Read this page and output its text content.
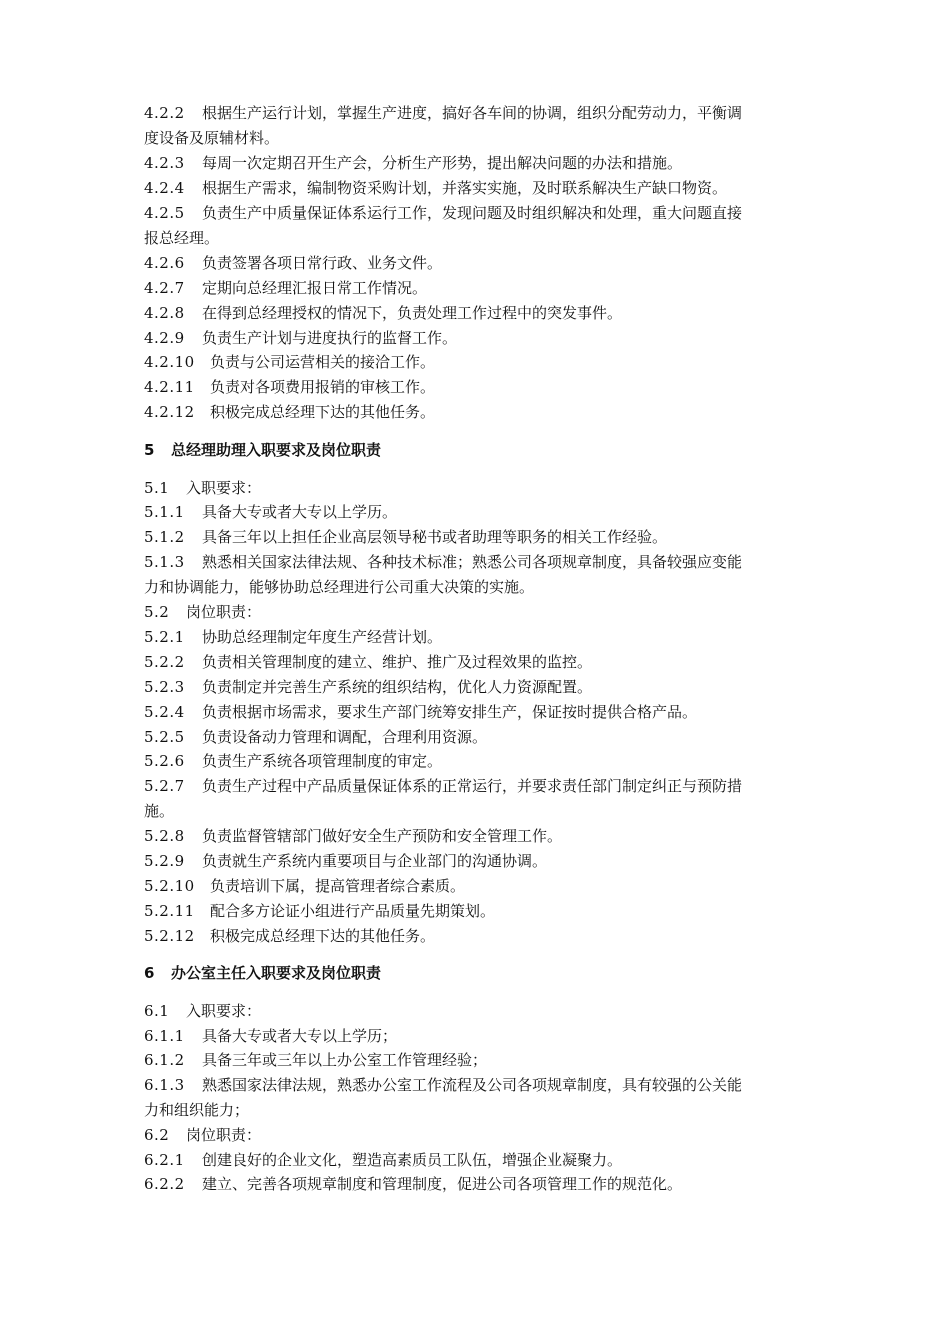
4.2.2 根据生产运行计划，掌握生产进度，搞好各车间的协调，组织分配劳动力，平衡调
度设备及原辅材料。
4.2.3 每周一次定期召开生产会，分析生产形势，提出解决问题的办法和措施。
4.2.4 根据生产需求，编制物资采购计划，并落实实施，及时联系解决生产缺口物资。
4.2.5 负责生产中质量保证体系运行工作，发现问题及时组织解决和处理，重大问题直接
报总经理。
4.2.6 负责签署各项日常行政、业务文件。
4.2.7 定期向总经理汇报日常工作情况。
4.2.8 在得到总经理授权的情况下，负责处理工作过程中的突发事件。
4.2.9 负责生产计划与进度执行的监督工作。
4.2.10 负责与公司运营相关的接洽工作。
4.2.11 负责对各项费用报销的审核工作。
4.2.12 积极完成总经理下达的其他任务。
5 总经理助理入职要求及岗位职责
5.1 入职要求：
5.1.1 具备大专或者大专以上学历。
5.1.2 具备三年以上担任企业高层领导秘书或者助理等职务的相关工作经验。
5.1.3 熟悉相关国家法律法规、各种技术标准；熟悉公司各项规章制度，具备较强应变能
力和协调能力，能够协助总经理进行公司重大决策的实施。
5.2 岗位职责：
5.2.1 协助总经理制定年度生产经营计划。
5.2.2 负责相关管理制度的建立、维护、推广及过程效果的监控。
5.2.3 负责制定并完善生产系统的组织结构，优化人力资源配置。
5.2.4 负责根据市场需求，要求生产部门统筹安排生产，保证按时提供合格产品。
5.2.5 负责设备动力管理和调配，合理利用资源。
5.2.6 负责生产系统各项管理制度的审定。
5.2.7 负责生产过程中产品质量保证体系的正常运行，并要求责任部门制定纠正与预防措
施。
5.2.8 负责监督管辖部门做好安全生产预防和安全管理工作。
5.2.9 负责就生产系统内重要项目与企业部门的沟通协调。
5.2.10 负责培训下属，提高管理者综合素质。
5.2.11 配合多方论证小组进行产品质量先期策划。
5.2.12 积极完成总经理下达的其他任务。
6 办公室主任入职要求及岗位职责
6.1 入职要求：
6.1.1 具备大专或者大专以上学历；
6.1.2 具备三年或三年以上办公室工作管理经验；
6.1.3 熟悉国家法律法规，熟悉办公室工作流程及公司各项规章制度，具有较强的公关能
力和组织能力；
6.2 岗位职责：
6.2.1 创建良好的企业文化，塑造高素质员工队伍，增强企业凝聚力。
6.2.2 建立、完善各项规章制度和管理制度，促进公司各项管理工作的规范化。
